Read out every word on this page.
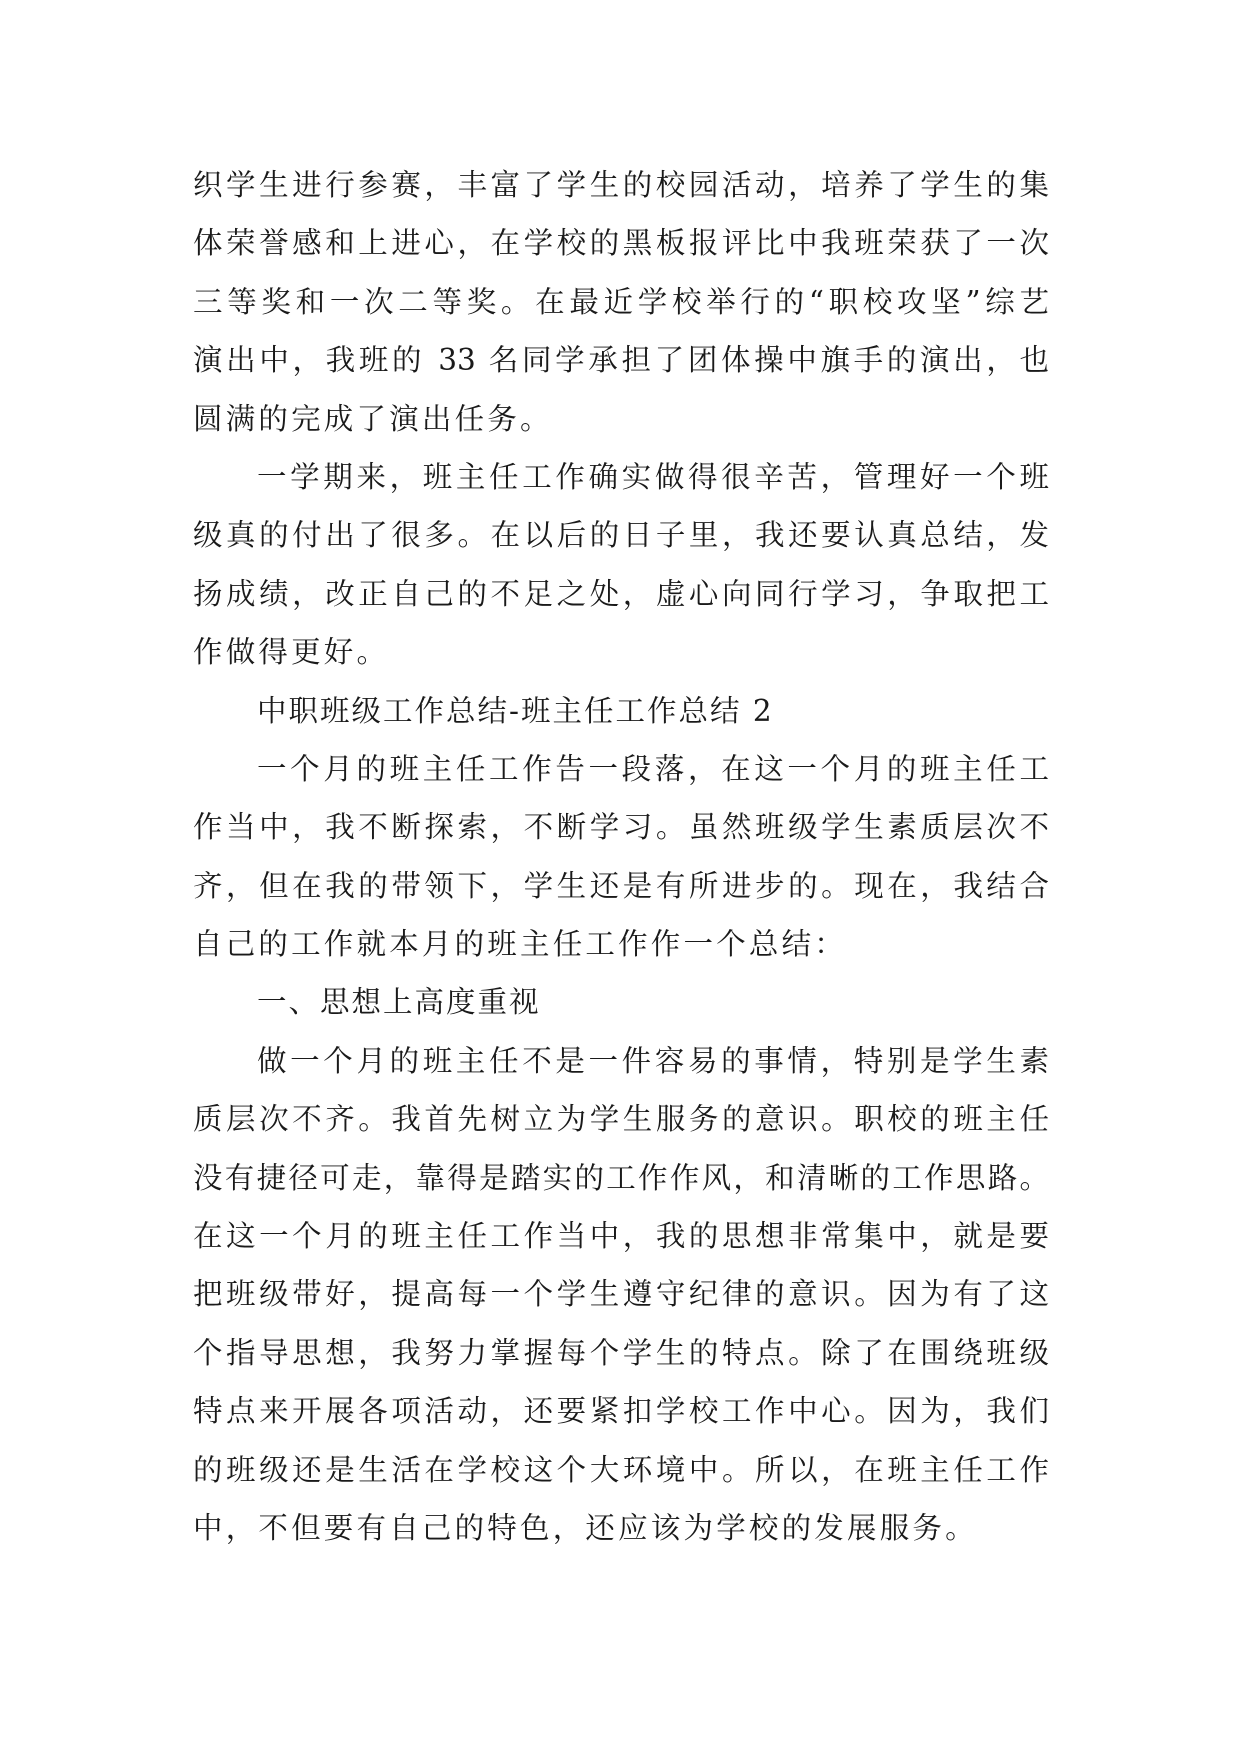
织学生进行参赛，丰富了学生的校园活动，培养了学生的集
体荣誉感和上进心，在学校的黑板报评比中我班荣获了一次
三等奖和一次二等奖。在最近学校举行的“职校攻坚”综艺
演出中，我班的 33 名同学承担了团体操中旗手的演出，也
圆满的完成了演出任务。
一学期来，班主任工作确实做得很辛苦，管理好一个班
级真的付出了很多。在以后的日子里，我还要认真总结，发
扬成绩，改正自己的不足之处，虚心向同行学习，争取把工
作做得更好。
中职班级工作总结-班主任工作总结 2
一个月的班主任工作告一段落，在这一个月的班主任工
作当中，我不断探索，不断学习。虽然班级学生素质层次不
齐，但在我的带领下，学生还是有所进步的。现在，我结合
自己的工作就本月的班主任工作作一个总结：
一、思想上高度重视
做一个月的班主任不是一件容易的事情，特别是学生素
质层次不齐。我首先树立为学生服务的意识。职校的班主任
没有捷径可走，靠得是踏实的工作作风，和清晰的工作思路。
在这一个月的班主任工作当中，我的思想非常集中，就是要
把班级带好，提高每一个学生遵守纪律的意识。因为有了这
个指导思想，我努力掌握每个学生的特点。除了在围绕班级
特点来开展各项活动，还要紧扣学校工作中心。因为，我们
的班级还是生活在学校这个大环境中。所以，在班主任工作
中，不但要有自己的特色，还应该为学校的发展服务。
